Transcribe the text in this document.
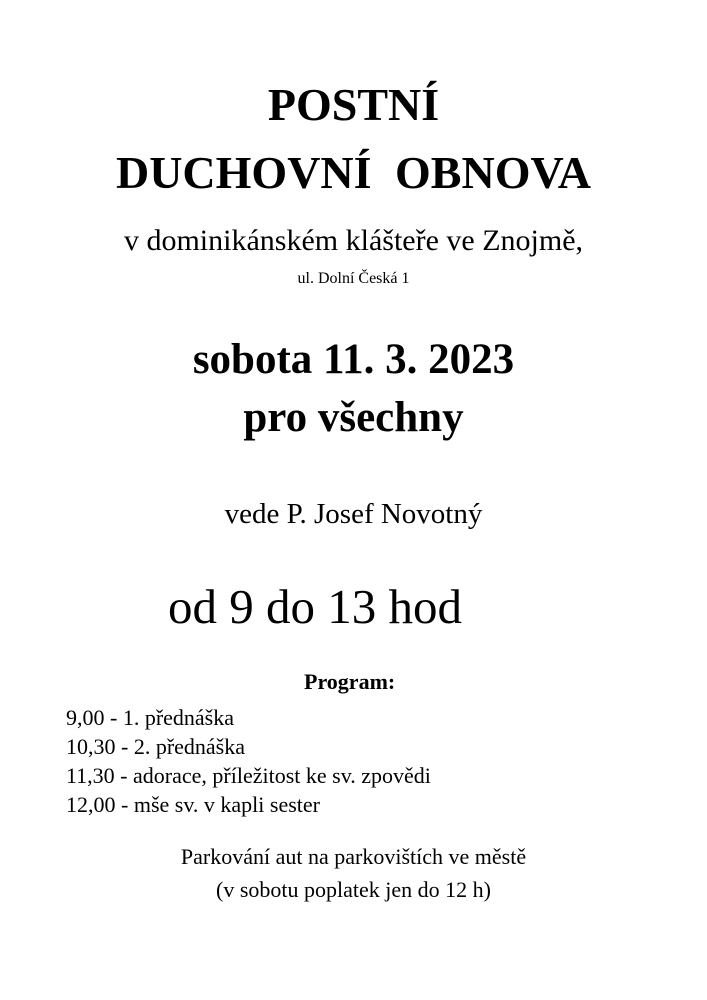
POSTNÍ
DUCHOVNÍ OBNOVA

v dominikánském klášteře ve Znojmě,

ul. Dolní Česká 1

sobota 11. 3. 2023

pro všechny

vede P. Josef Novotný

od 9 do 13 hod

Program:

9,00 - 1. přednáška
10,30 - 2. přednáška
11,30 - adorace, příležitost ke sv. zpovědi
12,00 - mše sv. v kapli sester

Parkování aut na parkovištích ve městě

(v sobotu poplatek jen do 12 h)
